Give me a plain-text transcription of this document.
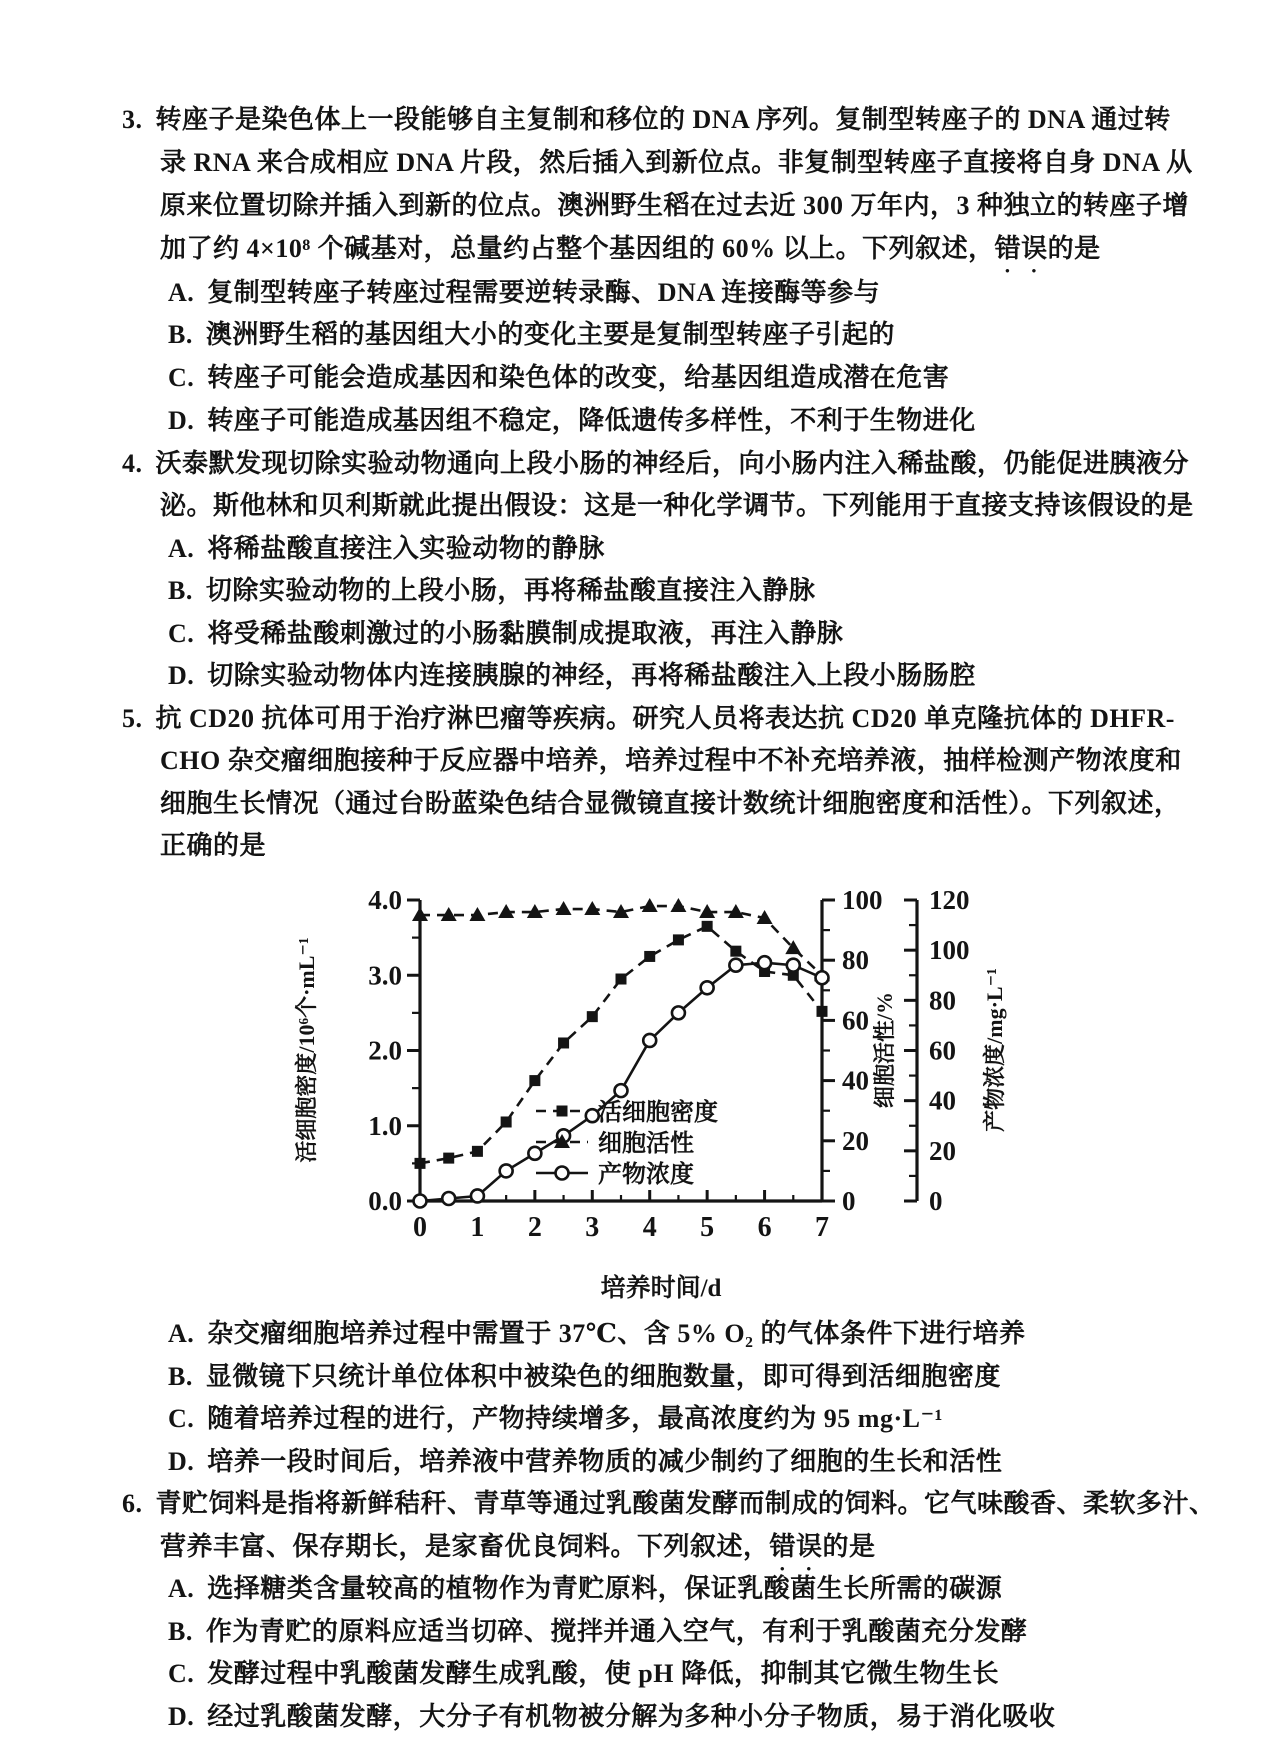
3. 转座子是染色体上一段能够自主复制和移位的 DNA 序列。复制型转座子的 DNA 通过转
录 RNA 来合成相应 DNA 片段，然后插入到新位点。非复制型转座子直接将自身 DNA 从
原来位置切除并插入到新的位点。澳洲野生稻在过去近 300 万年内，3 种独立的转座子增
加了约 4×10⁸ 个碱基对，总量约占整个基因组的 60% 以上。下列叙述，错误的是
A. 复制型转座子转座过程需要逆转录酶、DNA 连接酶等参与
B. 澳洲野生稻的基因组大小的变化主要是复制型转座子引起的
C. 转座子可能会造成基因和染色体的改变，给基因组造成潜在危害
D. 转座子可能造成基因组不稳定，降低遗传多样性，不利于生物进化
4. 沃泰默发现切除实验动物通向上段小肠的神经后，向小肠内注入稀盐酸，仍能促进胰液分
泌。斯他林和贝利斯就此提出假设：这是一种化学调节。下列能用于直接支持该假设的是
A. 将稀盐酸直接注入实验动物的静脉
B. 切除实验动物的上段小肠，再将稀盐酸直接注入静脉
C. 将受稀盐酸刺激过的小肠黏膜制成提取液，再注入静脉
D. 切除实验动物体内连接胰腺的神经，再将稀盐酸注入上段小肠肠腔
5. 抗 CD20 抗体可用于治疗淋巴瘤等疾病。研究人员将表达抗 CD20 单克隆抗体的 DHFR-
CHO 杂交瘤细胞接种于反应器中培养，培养过程中不补充培养液，抽样检测产物浓度和
细胞生长情况（通过台盼蓝染色结合显微镜直接计数统计细胞密度和活性）。下列叙述，
正确的是
0 1 2 3 4 5 6 7
培养时间/d
0.0
1.0
2.0
3.0
4.0
活细胞密度/10⁶个·mL⁻¹
0
20
40
60
80
100
细胞活性/%
0
20
40
60
80
100
120
产物浓度/mg·L⁻¹
活细胞密度
细胞活性
产物浓度
A. 杂交瘤细胞培养过程中需置于 37℃、含 5% O₂ 的气体条件下进行培养
B. 显微镜下只统计单位体积中被染色的细胞数量，即可得到活细胞密度
C. 随着培养过程的进行，产物持续增多，最高浓度约为 95 mg·L⁻¹
D. 培养一段时间后，培养液中营养物质的减少制约了细胞的生长和活性
6. 青贮饲料是指将新鲜秸秆、青草等通过乳酸菌发酵而制成的饲料。它气味酸香、柔软多汁、
营养丰富、保存期长，是家畜优良饲料。下列叙述，错误的是
A. 选择糖类含量较高的植物作为青贮原料，保证乳酸菌生长所需的碳源
B. 作为青贮的原料应适当切碎、搅拌并通入空气，有利于乳酸菌充分发酵
C. 发酵过程中乳酸菌发酵生成乳酸，使 pH 降低，抑制其它微生物生长
D. 经过乳酸菌发酵，大分子有机物被分解为多种小分子物质，易于消化吸收
